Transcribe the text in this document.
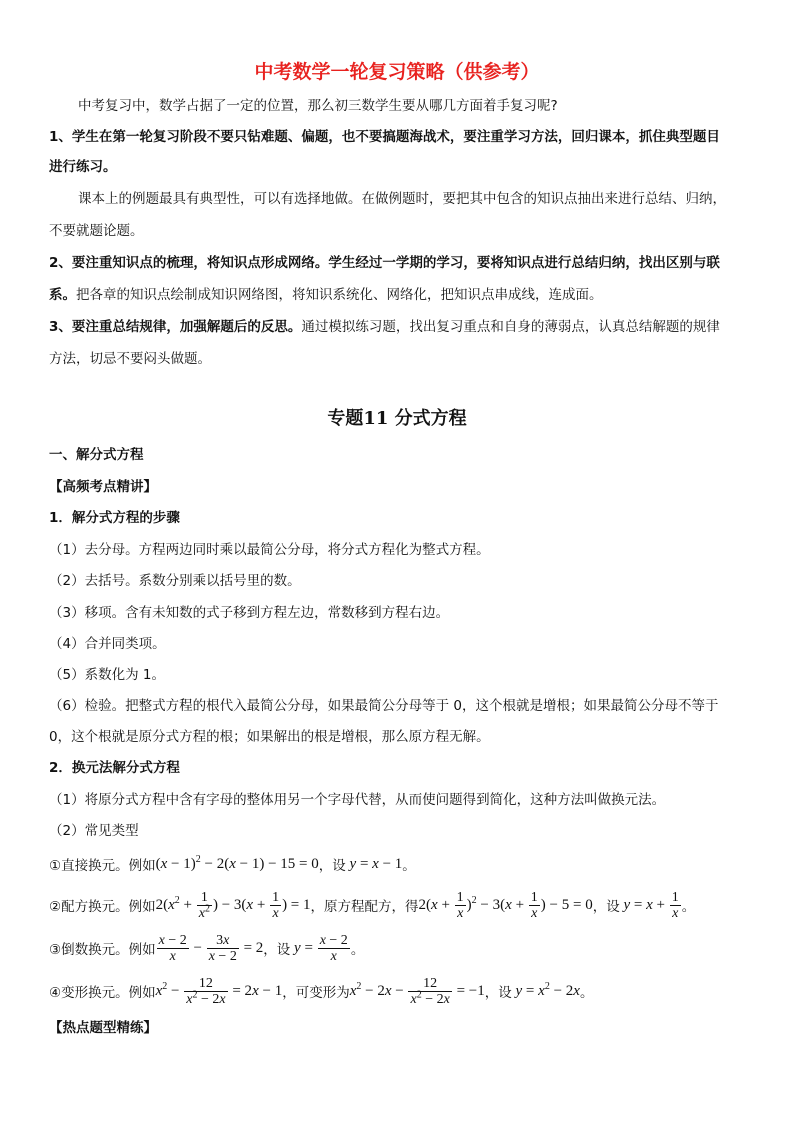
中考数学一轮复习策略（供参考）
中考复习中，数学占据了一定的位置，那么初三数学生要从哪几方面着手复习呢?
1、学生在第一轮复习阶段不要只钻难题、偏题，也不要搞题海战术，要注重学习方法，回归课本，抓住典型题目
进行练习。
课本上的例题最具有典型性，可以有选择地做。在做例题时，要把其中包含的知识点抽出来进行总结、归纳，
不要就题论题。
2、要注重知识点的梳理，将知识点形成网络。学生经过一学期的学习，要将知识点进行总结归纳，找出区别与联
系。把各章的知识点绘制成知识网络图，将知识系统化、网络化，把知识点串成线，连成面。
3、要注重总结规律，加强解题后的反思。通过模拟练习题，找出复习重点和自身的薄弱点，认真总结解题的规律
方法，切忌不要闷头做题。
专题11 分式方程
一、解分式方程
【高频考点精讲】
1．解分式方程的步骤
（1）去分母。方程两边同时乘以最简公分母，将分式方程化为整式方程。
（2）去括号。系数分别乘以括号里的数。
（3）移项。含有未知数的式子移到方程左边，常数移到方程右边。
（4）合并同类项。
（5）系数化为 1。
（6）检验。把整式方程的根代入最简公分母，如果最简公分母等于 0，这个根就是增根；如果最简公分母不等于
0，这个根就是原分式方程的根；如果解出的根是增根，那么原方程无解。
2．换元法解分式方程
（1）将原分式方程中含有字母的整体用另一个字母代替，从而使问题得到简化，这种方法叫做换元法。
（2）常见类型
①直接换元。例如 $(x - 1)^2 - 2(x - 1) - 15 = 0$ ，设 y = x − 1 。
②配方换元。例如 $2(x^2 + \frac{1}{x^2}$ ) − $3(x + \frac{1}{x}$ ) = 1 ，原方程配方，得 $2(x + \frac{1}{x} )^2 - 3(x + \frac{1}{x}$ ) − 5 = 0 ，设 $y = x + \frac{1}{x}$ 。
③倒数换元。例如 $\frac{x - 2}{x} - \frac{3x}{x - 2} = 2$ ，设 $y = \frac{x - 2}{x}$ 。
④变形换元。例如 $x^2 - \frac{12}{x^2 - 2x} = 2x - 1$ ，可变形为 $x^2 - 2x - \frac{12}{x^2 - 2x} = -1$ ，设 $y = x^2 - 2x$ 。
【热点题型精练】
